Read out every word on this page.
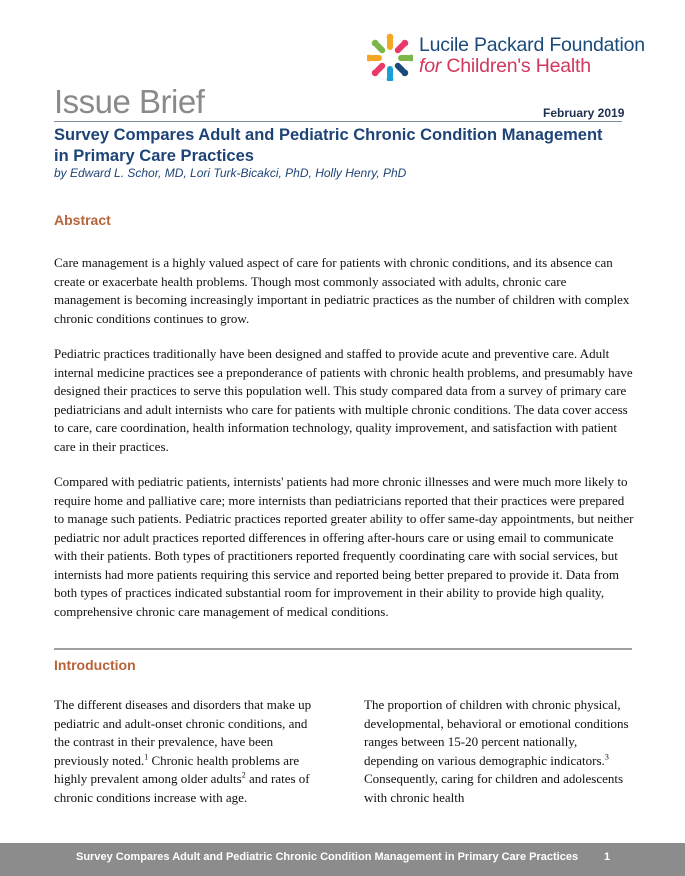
Lucile Packard Foundation
for Children's Health
Issue Brief	February 2019
Survey Compares Adult and Pediatric Chronic Condition Management in Primary Care Practices
by Edward L. Schor, MD, Lori Turk-Bicakci, PhD, Holly Henry, PhD
Abstract

Care management is a highly valued aspect of care for patients with chronic conditions, and its absence can create or exacerbate health problems. Though most commonly associated with adults, chronic care management is becoming increasingly important in pediatric practices as the number of children with complex chronic conditions continues to grow.

Pediatric practices traditionally have been designed and staffed to provide acute and preventive care. Adult internal medicine practices see a preponderance of patients with chronic health problems, and presumably have designed their practices to serve this population well. This study compared data from a survey of primary care pediatricians and adult internists who care for patients with multiple chronic conditions. The data cover access to care, care coordination, health information technology, quality improvement, and satisfaction with patient care in their practices.

Compared with pediatric patients, internists' patients had more chronic illnesses and were much more likely to require home and palliative care; more internists than pediatricians reported that their practices were prepared to manage such patients. Pediatric practices reported greater ability to offer same-day appointments, but neither pediatric nor adult practices reported differences in offering after-hours care or using email to communicate with their patients. Both types of practitioners reported frequently coordinating care with social services, but internists had more patients requiring this service and reported being better prepared to provide it. Data from both types of practices indicated substantial room for improvement in their ability to provide high quality, comprehensive chronic care management of medical conditions.

Introduction

The different diseases and disorders that make up pediatric and adult-onset chronic conditions, and the contrast in their prevalence, have been previously noted.$^1$ Chronic health problems are highly prevalent among older adults$^2$ and rates of chronic conditions increase with age.

The proportion of children with chronic physical, developmental, behavioral or emotional conditions ranges between 15-20 percent nationally, depending on various demographic indicators.$^3$ Consequently, caring for children and adolescents with chronic health

Survey Compares Adult and Pediatric Chronic Condition Management in Primary Care Practices 1
